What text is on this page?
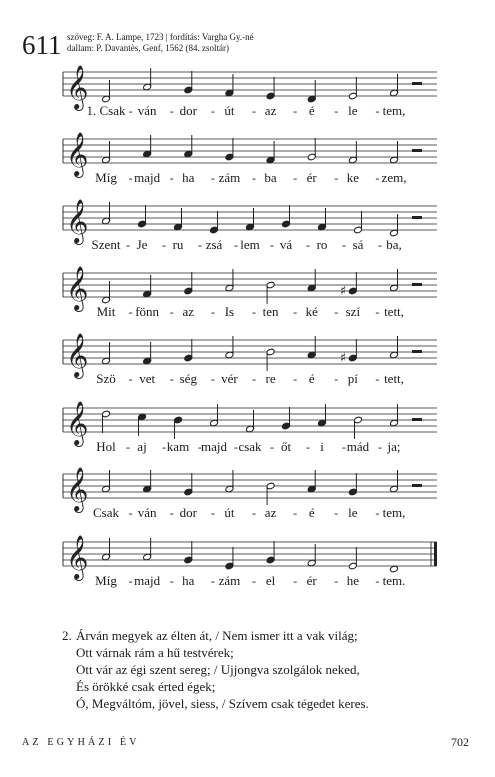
611 szöveg: F. A. Lampe, 1723 | fordítás: Vargha Gy.-né
dallam: P. Davantès, Genf, 1562 (84. zsoltár)
𝄞
1. Csak - ván - dor - út - az - é - le - tem,
𝄞
Míg - majd - ha - zám - ba - ér - ke - zem,
𝄞
Szent - Je - ru - zsá - lem - vá - ro - sá - ba,
𝄞	♯
Mit - fönn - az - Is - ten - ké - szí - tett,
𝄞	♯
Szö - vet - ség - vér - re - é - pí - tett,
𝄞
Hol - aj - kam - majd - csak - őt - i - mád - ja;
𝄞
Csak - ván - dor - út - az - é - le - tem,
𝄞
Míg - majd - ha - zám - el - ér - he - tem.
2. Árván megyek az élten át, / Nem ismer itt a vak világ;
Ott várnak rám a hű testvérek;
Ott vár az égi szent sereg; / Ujjongva szolgálok neked,
És örökké csak érted égek;
Ó, Megváltóm, jövel, siess, / Szívem csak tégedet keres.
AZ EGYHÁZI ÉV	702
